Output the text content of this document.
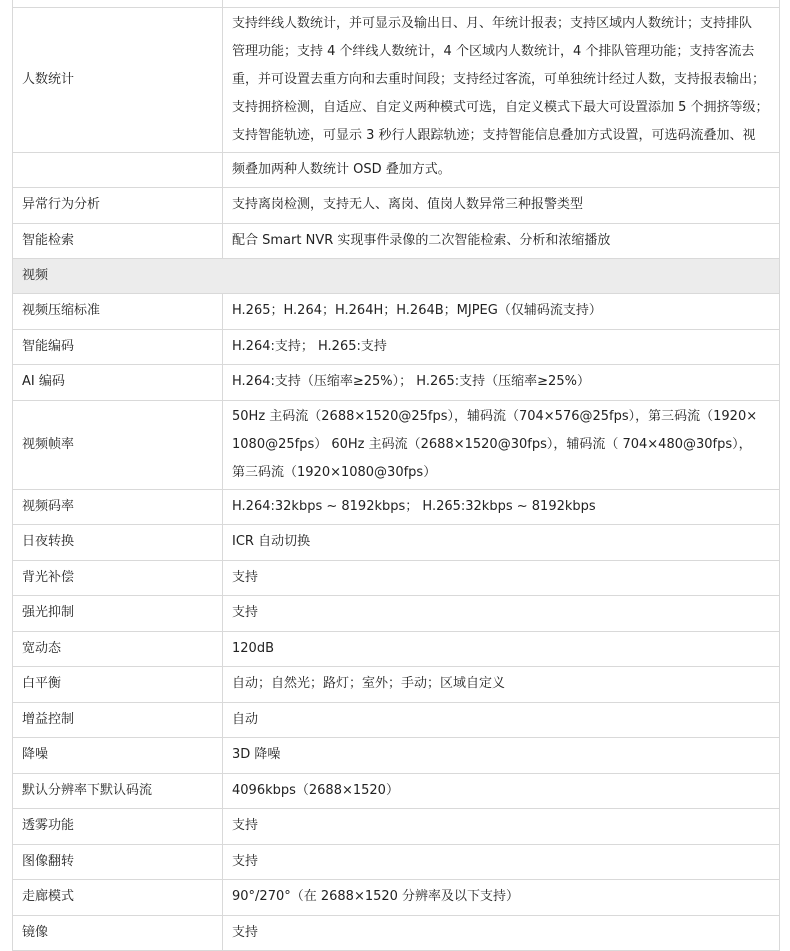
人数统计	支持绊线人数统计，并可显示及输出日、月、年统计报表；支持区域内人数统计；支持排队
管理功能；支持 4 个绊线人数统计，4 个区域内人数统计，4 个排队管理功能；支持客流去
重，并可设置去重方向和去重时间段；支持经过客流，可单独统计经过人数，支持报表输出；
支持拥挤检测，自适应、自定义两种模式可选，自定义模式下最大可设置添加 5 个拥挤等级；
支持智能轨迹，可显示 3 秒行人跟踪轨迹；支持智能信息叠加方式设置，可选码流叠加、视

	频叠加两种人数统计 OSD 叠加方式。
异常行为分析	支持离岗检测，支持无人、离岗、值岗人数异常三种报警类型
智能检索	配合 Smart NVR 实现事件录像的二次智能检索、分析和浓缩播放
视频	
视频压缩标准	H.265；H.264；H.264H；H.264B；MJPEG（仅辅码流支持）
智能编码	H.264:支持； H.265:支持
AI 编码	H.264:支持（压缩率≥25%）； H.265:支持（压缩率≥25%）
视频帧率	50Hz 主码流（2688×1520@25fps），辅码流（704×576@25fps），第三码流（1920×
1080@25fps） 60Hz 主码流（2688×1520@30fps），辅码流（ 704×480@30fps），
第三码流（1920×1080@30fps）

视频码率	H.264:32kbps ~ 8192kbps； H.265:32kbps ~ 8192kbps
日夜转换	ICR 自动切换
背光补偿	支持
强光抑制	支持
宽动态	120dB
白平衡	自动；自然光；路灯；室外；手动；区域自定义
增益控制	自动
降噪	3D 降噪
默认分辨率下默认码流	4096kbps（2688×1520）
透雾功能	支持
图像翻转	支持
走廊模式	90°/270°（在 2688×1520 分辨率及以下支持）
镜像	支持
